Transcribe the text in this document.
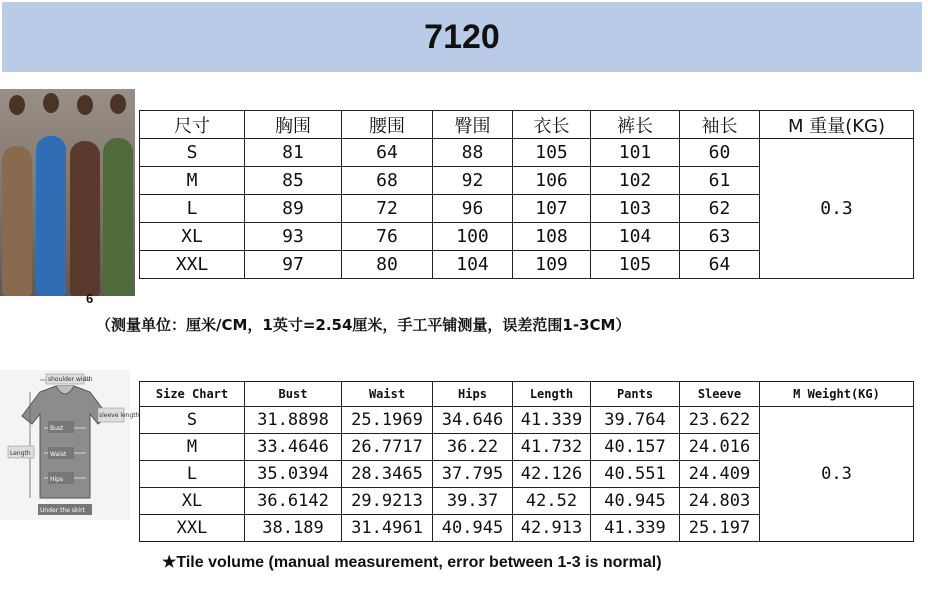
7120
6
尺寸	胸围	腰围	臀围	衣长	裤长	袖长	M 重量(KG)
S	81	64	88	105	101	60	0.3
M	85	68	92	106	102	61	
L	89	72	96	107	103	62	
XL	93	76	100	108	104	63	
XXL	97	80	104	109	105	64	
（测量单位：厘米/CM，1英寸=2.54厘米，手工平铺测量，误差范围1-3CM）
shoulder width
sleeve length
Bust
Waist
Hips
Length
Under the skirt
Size Chart	Bust	Waist	Hips	Length	Pants	Sleeve	M Weight(KG)
S	31.8898	25.1969	34.646	41.339	39.764	23.622	0.3
M	33.4646	26.7717	36.22	41.732	40.157	24.016	
L	35.0394	28.3465	37.795	42.126	40.551	24.409	
XL	36.6142	29.9213	39.37	42.52	40.945	24.803	
XXL	38.189	31.4961	40.945	42.913	41.339	25.197	
★Tile volume (manual measurement, error between 1-3 is normal)
